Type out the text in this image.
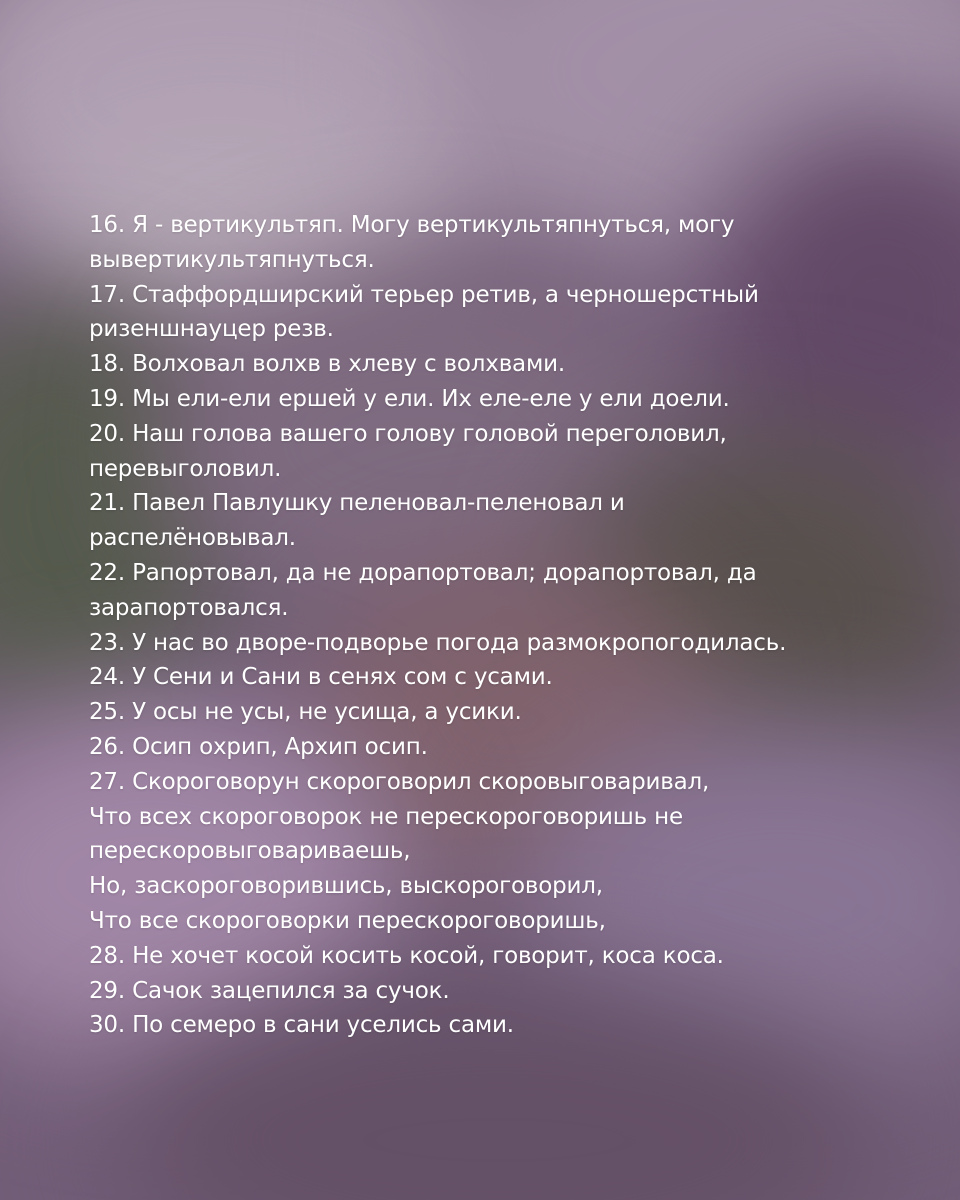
16. Я - вертикультяп. Могу вертикультяпнуться, могу
вывертикультяпнуться.
17. Стаффордширский терьер ретив, а черношерстный
ризеншнауцер резв.
18. Волховал волхв в хлеву с волхвами.
19. Мы ели-ели ершей у ели. Их еле-еле у ели доели.
20. Наш голова вашего голову головой переголовил,
перевыголовил.
21. Павел Павлушку пеленовал-пеленовал и
распелёновывал.
22. Рапортовал, да не дорапортовал; дорапортовал, да
зарапортовался.
23. У нас во дворе-подворье погода размокропогодилась.
24. У Сени и Сани в сенях сом с усами.
25. У осы не усы, не усища, а усики.
26. Осип охрип, Архип осип.
27. Скороговорун скороговорил скоровыговаривал,
Что всех скороговорок не перескороговоришь не
перескоровыговариваешь,
Но, заскороговорившись, выскороговорил,
Что все скороговорки перескороговоришь,
28. Не хочет косой косить косой, говорит, коса коса.
29. Сачок зацепился за сучок.
30. По семеро в сани уселись сами.
